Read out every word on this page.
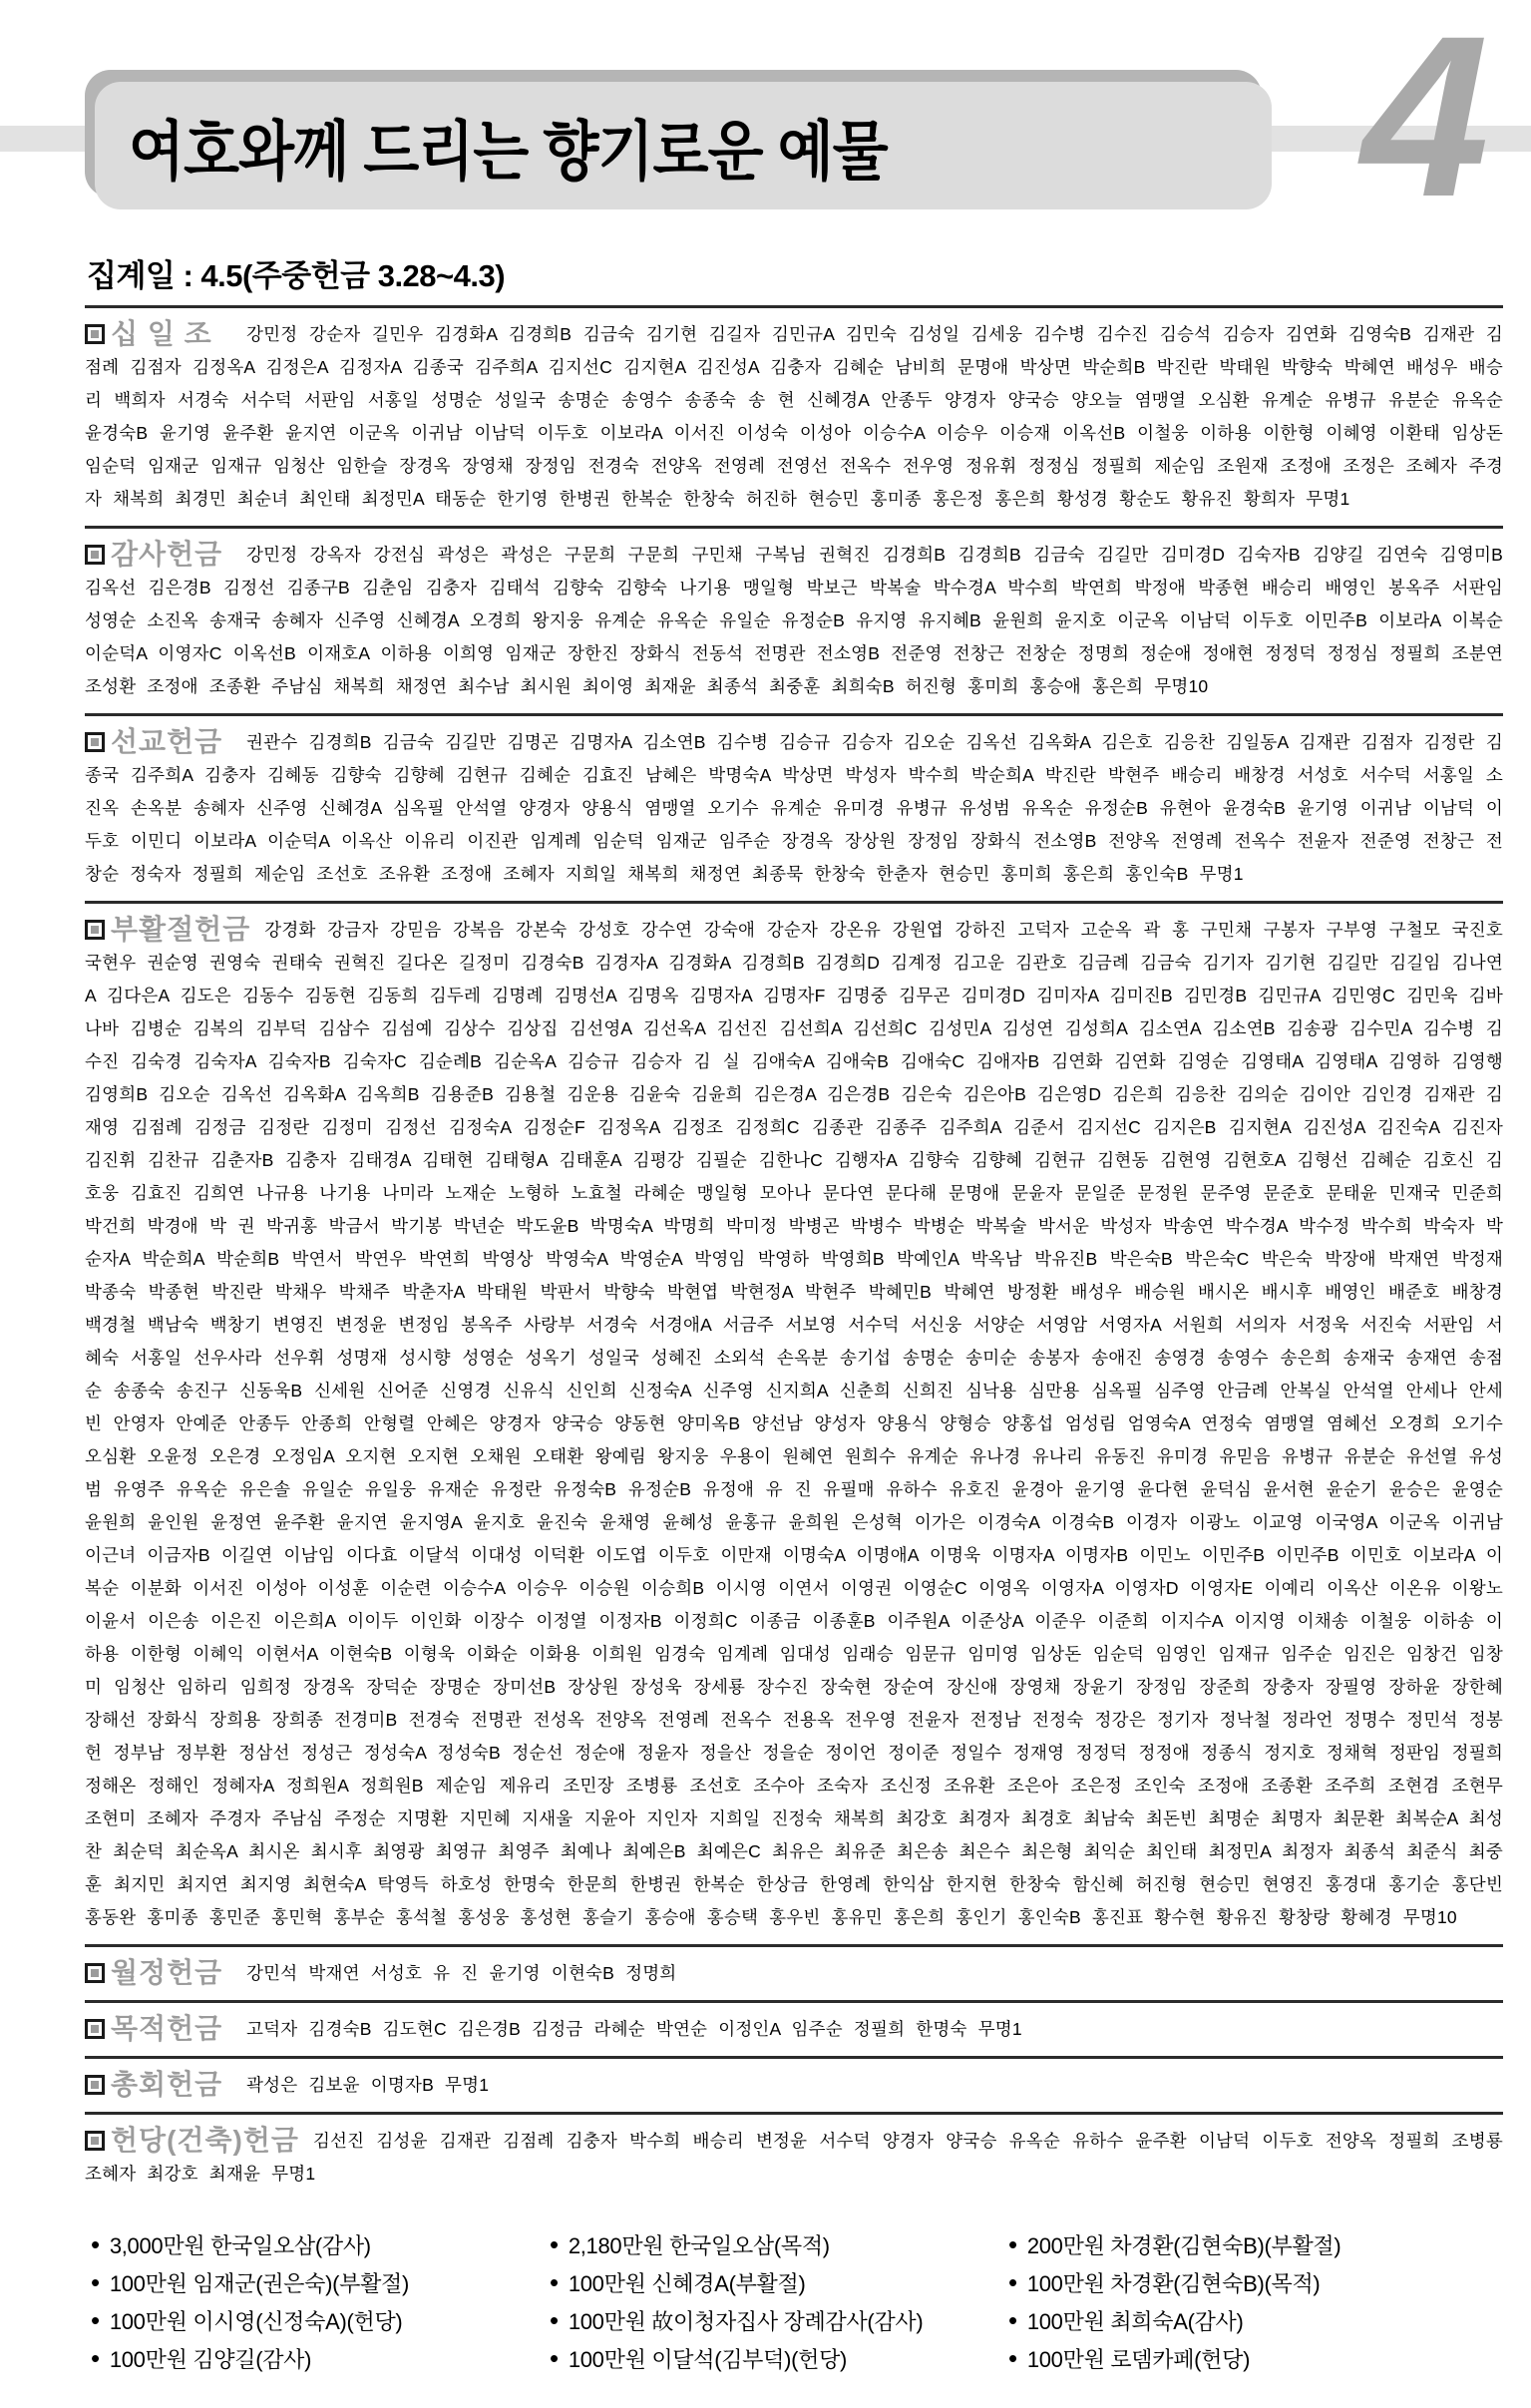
여호와께 드리는 향기로운 예물 4
집계일 : 4.5(주중헌금 3.28~4.3)

십 일 조 강민정 강순자 길민우 김경화A 김경희B 김금숙 김기현 김길자 김민규A 김민숙 김성일 김세웅 김수병 김수진 김승석 김승자 김연화 김영숙B 김재관 김점례 김점자 김정옥A 김정은A 김정자A 김종국 김주희A 김지선C 김지현A 김진성A 김충자 김혜순 남비희 문명애 박상면 박순희B 박진란 박태원 박향숙 박혜연 배성우 배승리 백희자 서경숙 서수덕 서판임 서홍일 성명순 성일국 송명순 송영수 송종숙 송 현 신혜경A 안종두 양경자 양국승 양오늘 염맹열 오심환 유계순 유병규 유분순 유옥순 윤경숙B 윤기영 윤주환 윤지연 이군옥 이귀남 이남덕 이두호 이보라A 이서진 이성숙 이성아 이승수A 이승우 이승재 이옥선B 이철웅 이하용 이한형 이혜영 이환태 임상돈 임순덕 임재군 임재규 임청산 임한슬 장경옥 장영채 장정임 전경숙 전양옥 전영례 전영선 전옥수 전우영 정유휘 정정심 정필희 제순임 조원재 조정애 조정은 조혜자 주경자 채복희 최경민 최순녀 최인태 최정민A 태동순 한기영 한병권 한복순 한창숙 허진하 현승민 홍미종 홍은정 홍은희 황성경 황순도 황유진 황희자 무명1

감사헌금 강민정 강옥자 강전심 곽성은 곽성은 구문희 구문희 구민채 구복님 권혁진 김경희B 김경희B 김금숙 김길만 김미경D 김숙자B 김양길 김연숙 김영미B 김옥선 김은경B 김정선 김종구B 김춘임 김충자 김태석 김향숙 김향숙 나기용 맹일형 박보근 박복술 박수경A 박수희 박연희 박정애 박종현 배승리 배영인 봉옥주 서판임 성영순 소진옥 송재국 송혜자 신주영 신혜경A 오경희 왕지웅 유계순 유옥순 유일순 유정순B 유지영 유지혜B 윤원희 윤지호 이군옥 이남덕 이두호 이민주B 이보라A 이복순 이순덕A 이영자C 이옥선B 이재호A 이하용 이희영 임재군 장한진 장화식 전동석 전명관 전소영B 전준영 전창근 전창순 정명희 정순애 정애현 정정덕 정정심 정필희 조분연 조성환 조정애 조종환 주남심 채복희 채정연 최수남 최시원 최이영 최재윤 최종석 최중훈 최희숙B 허진형 홍미희 홍승애 홍은희 무명10

선교헌금 권관수 김경희B 김금숙 김길만 김명곤 김명자A 김소연B 김수병 김승규 김승자 김오순 김옥선 김옥화A 김은호 김응찬 김일동A 김재관 김점자 김정란 김종국 김주희A 김충자 김혜동 김향숙 김향혜 김현규 김혜순 김효진 남혜은 박명숙A 박상면 박성자 박수희 박순희A 박진란 박현주 배승리 배창경 서성호 서수덕 서홍일 소진옥 손옥분 송혜자 신주영 신혜경A 심옥필 안석열 양경자 양용식 염맹열 오기수 유계순 유미경 유병규 유성범 유옥순 유정순B 유현아 윤경숙B 윤기영 이귀남 이남덕 이두호 이민디 이보라A 이순덕A 이옥산 이유리 이진관 임계례 임순덕 임재군 임주순 장경옥 장상원 장정임 장화식 전소영B 전양옥 전영례 전옥수 전윤자 전준영 전창근 전창순 정숙자 정필희 제순임 조선호 조유환 조정애 조혜자 지희일 채복희 채정연 최종묵 한창숙 한춘자 현승민 홍미희 홍은희 홍인숙B 무명1

부활절헌금 강경화 강금자 강믿음 강복음 강본숙 강성호 강수연 강숙애 강순자 강온유 강원엽 강하진 고덕자 고순옥 곽 홍 구민채 구봉자 구부영 구철모 국진호 국현우 권순영 권영숙 권태숙 권혁진 길다온 길정미 김경숙B 김경자A 김경화A 김경희B 김경희D 김계정 김고운 김관호 김금례 김금숙 김기자 김기현 김길만 김길임 김나연A 김다은A 김도은 김동수 김동현 김동희 김두레 김명례 김명선A 김명옥 김명자A 김명자F 김명중 김무곤 김미경D 김미자A 김미진B 김민경B 김민규A 김민영C 김민욱 김바나바 김병순 김복의 김부덕 김삼수 김섬예 김상수 김상집 김선영A 김선옥A 김선진 김선희A 김선희C 김성민A 김성연 김성희A 김소연A 김소연B 김송광 김수민A 김수병 김수진 김숙경 김숙자A 김숙자B 김숙자C 김순례B 김순옥A 김승규 김승자 김 실 김애숙A 김애숙B 김애숙C 김애자B 김연화 김연화 김영순 김영태A 김영태A 김영하 김영행 김영희B 김오순 김옥선 김옥화A 김옥희B 김용준B 김용철 김운용 김윤숙 김윤희 김은경A 김은경B 김은숙 김은아B 김은영D 김은희 김응찬 김의순 김이안 김인경 김재관 김재영 김점례 김정금 김정란 김정미 김정선 김정숙A 김정순F 김정옥A 김정조 김정희C 김종관 김종주 김주희A 김준서 김지선C 김지은B 김지현A 김진성A 김진숙A 김진자 김진휘 김찬규 김춘자B 김충자 김태경A 김태현 김태형A 김태훈A 김평강 김필순 김한나C 김행자A 김향숙 김향혜 김현규 김현동 김현영 김현호A 김형선 김혜순 김호신 김호웅 김효진 김희연 나규용 나기용 나미라 노재순 노형하 노효철 라혜순 맹일형 모아나 문다연 문다해 문명애 문윤자 문일준 문정원 문주영 문준호 문태윤 민재국 민준희 박건희 박경애 박 권 박귀홍 박금서 박기봉 박년순 박도윤B 박명숙A 박명희 박미정 박병곤 박병수 박병순 박복술 박서운 박성자 박송연 박수경A 박수정 박수희 박숙자 박순자A 박순희A 박순희B 박연서 박연우 박연희 박영상 박영숙A 박영순A 박영임 박영하 박영희B 박예인A 박옥남 박유진B 박은숙B 박은숙C 박은숙 박장애 박재연 박정재 박종숙 박종현 박진란 박채우 박채주 박춘자A 박태원 박판서 박향숙 박현엽 박현정A 박현주 박혜민B 박혜연 방정환 배성우 배승원 배시온 배시후 배영인 배준호 배창경 백경철 백남숙 백창기 변영진 변정윤 변정임 봉옥주 사랑부 서경숙 서경애A 서금주 서보영 서수덕 서신웅 서양순 서영암 서영자A 서원희 서의자 서정욱 서진숙 서판임 서혜숙 서홍일 선우사라 선우휘 성명재 성시향 성영순 성옥기 성일국 성혜진 소외석 손옥분 송기섭 송명순 송미순 송봉자 송애진 송영경 송영수 송은희 송재국 송재연 송점순 송종숙 송진구 신동욱B 신세원 신어준 신영경 신유식 신인희 신정숙A 신주영 신지희A 신춘희 신희진 심낙용 심만용 심옥필 심주영 안금례 안복실 안석열 안세나 안세빈 안영자 안예준 안종두 안종희 안형렬 안혜은 양경자 양국승 양동현 양미옥B 양선남 양성자 양용식 양형승 양홍섭 엄성림 엄영숙A 연정숙 염맹열 염혜선 오경희 오기수 오심환 오윤정 오은경 오정임A 오지현 오지현 오채원 오태환 왕예림 왕지웅 우용이 원혜연 원희수 유계순 유나경 유나리 유동진 유미경 유믿음 유병규 유분순 유선열 유성범 유영주 유옥순 유은솔 유일순 유일웅 유재순 유정란 유정숙B 유정순B 유정애 유 진 유필매 유하수 유호진 윤경아 윤기영 윤다현 윤덕심 윤서현 윤순기 윤승은 윤영순 윤원희 윤인원 윤정연 윤주환 윤지연 윤지영A 윤지호 윤진숙 윤채영 윤혜성 윤홍규 윤희원 은성혁 이가은 이경숙A 이경숙B 이경자 이광노 이교영 이국영A 이군옥 이귀남 이근녀 이금자B 이길연 이남임 이다효 이달석 이대성 이덕환 이도엽 이두호 이만재 이명숙A 이명애A 이명욱 이명자A 이명자B 이민노 이민주B 이민주B 이민호 이보라A 이복순 이분화 이서진 이성아 이성훈 이순련 이승수A 이승우 이승원 이승희B 이시영 이연서 이영권 이영순C 이영옥 이영자A 이영자D 이영자E 이예리 이옥산 이온유 이왕노 이윤서 이은송 이은진 이은희A 이이두 이인화 이장수 이정열 이정자B 이정희C 이종금 이종훈B 이주원A 이준상A 이준우 이준희 이지수A 이지영 이채송 이철웅 이하송 이하용 이한형 이혜익 이현서A 이현숙B 이형욱 이화순 이화용 이희원 임경숙 임계례 임대성 임래승 임문규 임미영 임상돈 임순덕 임영인 임재규 임주순 임진은 임창건 임창미 임청산 임하리 임희정 장경옥 장덕순 장명순 장미선B 장상원 장성욱 장세룡 장수진 장숙현 장순여 장신애 장영채 장윤기 장정임 장준희 장충자 장필영 장하윤 장한혜 장해선 장화식 장희용 장희종 전경미B 전경숙 전명관 전성옥 전양옥 전영례 전옥수 전용옥 전우영 전윤자 전정남 전정숙 정강은 정기자 정낙철 정라언 정명수 정민석 정봉헌 정부남 정부환 정삼선 정성근 정성숙A 정성숙B 정순선 정순애 정윤자 정을산 정을순 정이언 정이준 정일수 정재영 정정덕 정정애 정종식 정지호 정채혁 정판임 정필희 정해온 정해인 정혜자A 정희원A 정희원B 제순임 제유리 조민장 조병룡 조선호 조수아 조숙자 조신정 조유환 조은아 조은정 조인숙 조정애 조종환 조주희 조현겸 조현무 조현미 조혜자 주경자 주남심 주정순 지명환 지민혜 지새울 지윤아 지인자 지희일 진정숙 채복희 최강호 최경자 최경호 최남숙 최돈빈 최명순 최명자 최문환 최복순A 최성찬 최순덕 최순옥A 최시온 최시후 최영광 최영규 최영주 최예나 최예은B 최예은C 최유은 최유준 최은송 최은수 최은형 최익순 최인태 최정민A 최정자 최종석 최준식 최중훈 최지민 최지연 최지영 최현숙A 탁영득 하호성 한명숙 한문희 한병권 한복순 한상금 한영례 한익삼 한지현 한창숙 함신혜 허진형 현승민 현영진 홍경대 홍기순 홍단빈 홍동완 홍미종 홍민준 홍민혁 홍부순 홍석철 홍성웅 홍성현 홍슬기 홍승애 홍승택 홍우빈 홍유민 홍은희 홍인기 홍인숙B 홍진표 황수현 황유진 황창랑 황혜경 무명10

월정헌금 강민석 박재연 서성호 유 진 윤기영 이현숙B 정명희

목적헌금 고덕자 김경숙B 김도현C 김은경B 김정금 라혜순 박연순 이정인A 임주순 정필희 한명숙 무명1

총회헌금 곽성은 김보윤 이명자B 무명1

헌당(건축)헌금 김선진 김성윤 김재관 김점례 김충자 박수희 배승리 변정윤 서수덕 양경자 양국승 유옥순 유하수 윤주환 이남덕 이두호 전양옥 정필희 조병룡 조혜자 최강호 최재윤 무명1

• 3,000만원 한국일오삼(감사)
• 100만원 임재군(권은숙)(부활절)
• 100만원 이시영(신정숙A)(헌당)
• 100만원 김양길(감사)
• 2,180만원 한국일오삼(목적)
• 100만원 신혜경A(부활절)
• 100만원 故이청자집사 장례감사(감사)
• 100만원 이달석(김부덕)(헌당)
• 200만원 차경환(김현숙B)(부활절)
• 100만원 차경환(김현숙B)(목적)
• 100만원 최희숙A(감사)
• 100만원 로뎀카페(헌당)
